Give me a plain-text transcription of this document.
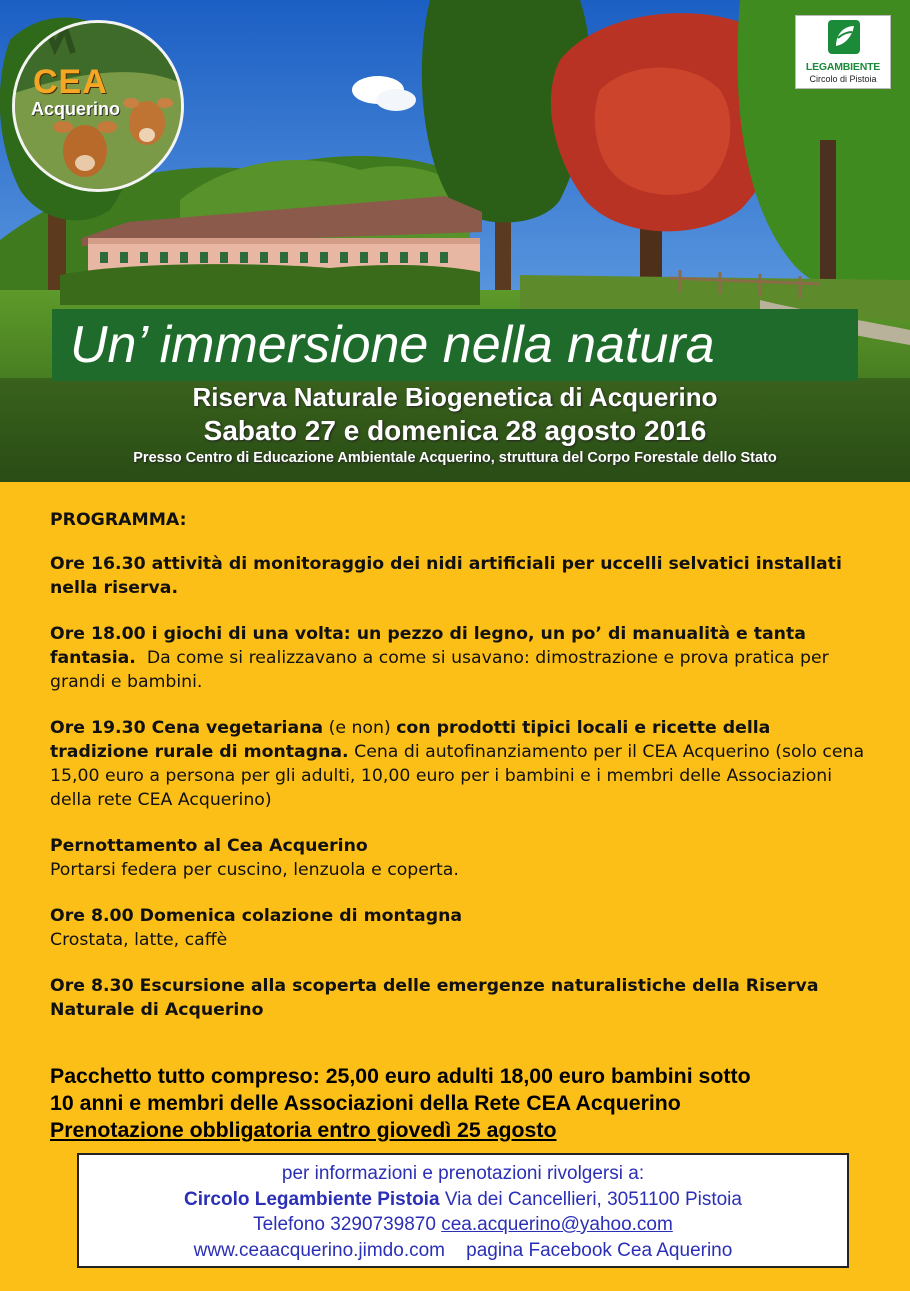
CEA
Acquerino
LEGAMBIENTE
Circolo di Pistoia
Un’ immersione nella natura
Riserva Naturale Biogenetica di Acquerino
Sabato 27 e domenica 28 agosto 2016
Presso Centro di Educazione Ambientale Acquerino, struttura del Corpo Forestale dello Stato

PROGRAMMA:

Ore 16.30 attività di monitoraggio dei nidi artificiali per uccelli selvatici installati nella riserva.

Ore 18.00 i giochi di una volta: un pezzo di legno, un po’ di manualità e tanta fantasia. Da come si realizzavano a come si usavano: dimostrazione e prova pratica per grandi e bambini.

Ore 19.30 Cena vegetariana (e non) con prodotti tipici locali e ricette della tradizione rurale di montagna. Cena di autofinanziamento per il CEA Acquerino (solo cena 15,00 euro a persona per gli adulti, 10,00 euro per i bambini e i membri delle Associazioni della rete CEA Acquerino)

Pernottamento al Cea Acquerino
Portarsi federa per cuscino, lenzuola e coperta.

Ore 8.00 Domenica colazione di montagna
Crostata, latte, caffè

Ore 8.30 Escursione alla scoperta delle emergenze naturalistiche della Riserva Naturale di Acquerino

Pacchetto tutto compreso: 25,00 euro adulti 18,00 euro bambini sotto
10 anni e membri delle Associazioni della Rete CEA Acquerino
Prenotazione obbligatoria entro giovedì 25 agosto
per informazioni e prenotazioni rivolgersi a:
Circolo Legambiente Pistoia Via dei Cancellieri, 3051100 Pistoia
Telefono 3290739870 cea.acquerino@yahoo.com
www.ceaacquerino.jimdo.com pagina Facebook Cea Aquerino
